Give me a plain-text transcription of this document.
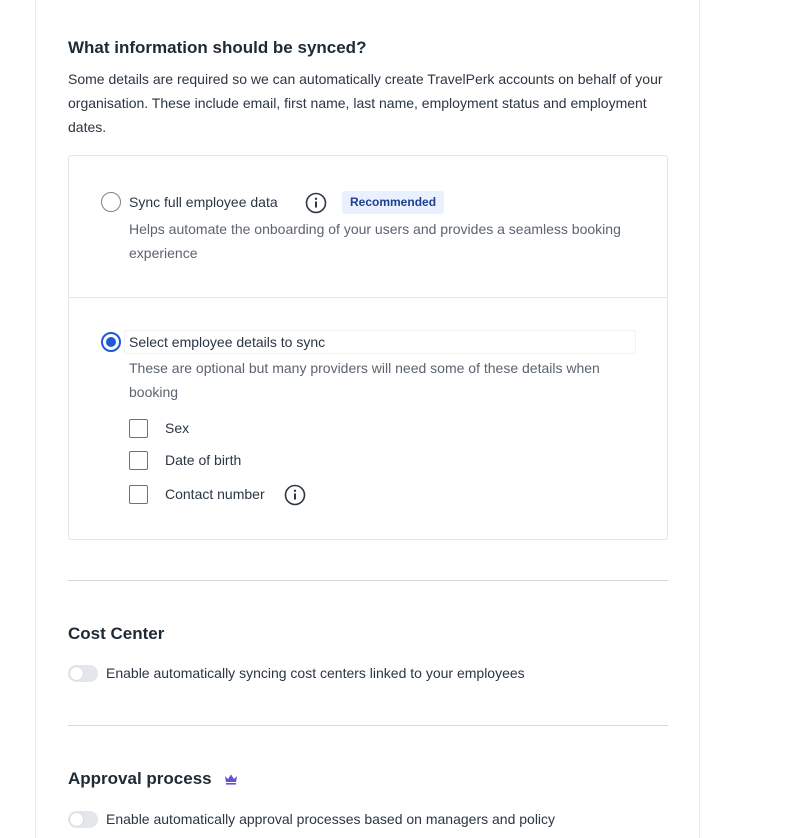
What information should be synced?
Some details are required so we can automatically create TravelPerk accounts on behalf of your organisation. These include email, first name, last name, employment status and employment dates.
Sync full employee data	Recommended
Helps automate the onboarding of your users and provides a seamless booking experience
Select employee details to sync
These are optional but many providers will need some of these details when booking
Sex
Date of birth
Contact number
Cost Center
Enable automatically syncing cost centers linked to your employees
Approval process
Enable automatically approval processes based on managers and policy
